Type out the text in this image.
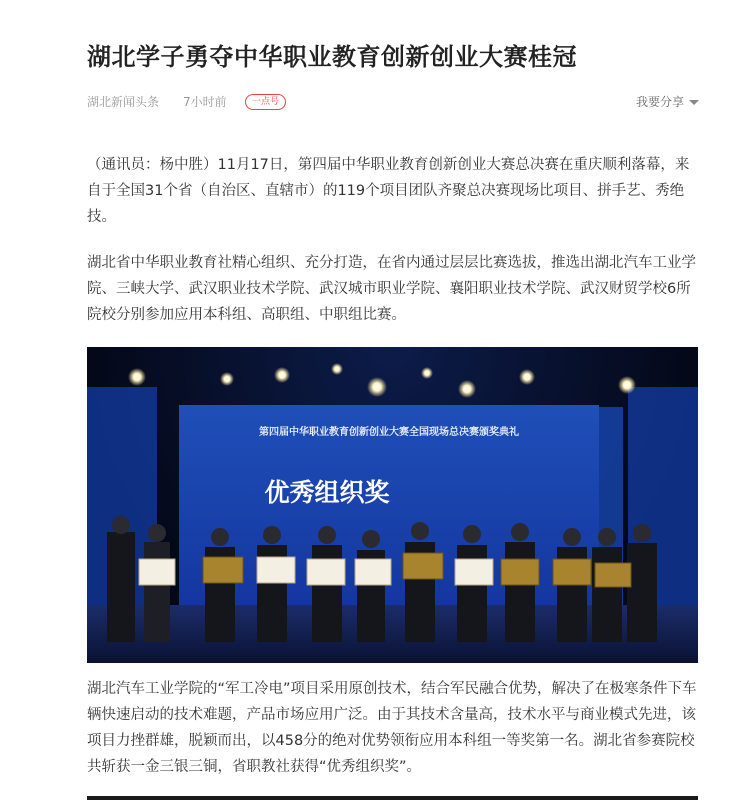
湖北学子勇夺中华职业教育创新创业大赛桂冠
湖北新闻头条 7小时前	一点号	我要分享

（通讯员：杨中胜）11月17日，第四届中华职业教育创新创业大赛总决赛在重庆顺利落幕，来自于全国31个省（自治区、直辖市）的119个项目团队齐聚总决赛现场比项目、拼手艺、秀绝技。

湖北省中华职业教育社精心组织、充分打造，在省内通过层层比赛选拔，推选出湖北汽车工业学院、三峡大学、武汉职业技术学院、武汉城市职业学院、襄阳职业技术学院、武汉财贸学校6所院校分别参加应用本科组、高职组、中职组比赛。

第四届中华职业教育创新创业大赛全国现场总决赛颁奖典礼
优秀组织奖

湖北汽车工业学院的“军工冷电”项目采用原创技术，结合军民融合优势，解决了在极寒条件下车辆快速启动的技术难题，产品市场应用广泛。由于其技术含量高，技术水平与商业模式先进，该项目力挫群雄，脱颖而出，以458分的绝对优势领衔应用本科组一等奖第一名。湖北省参赛院校共斩获一金三银三铜，省职教社获得“优秀组织奖”。
